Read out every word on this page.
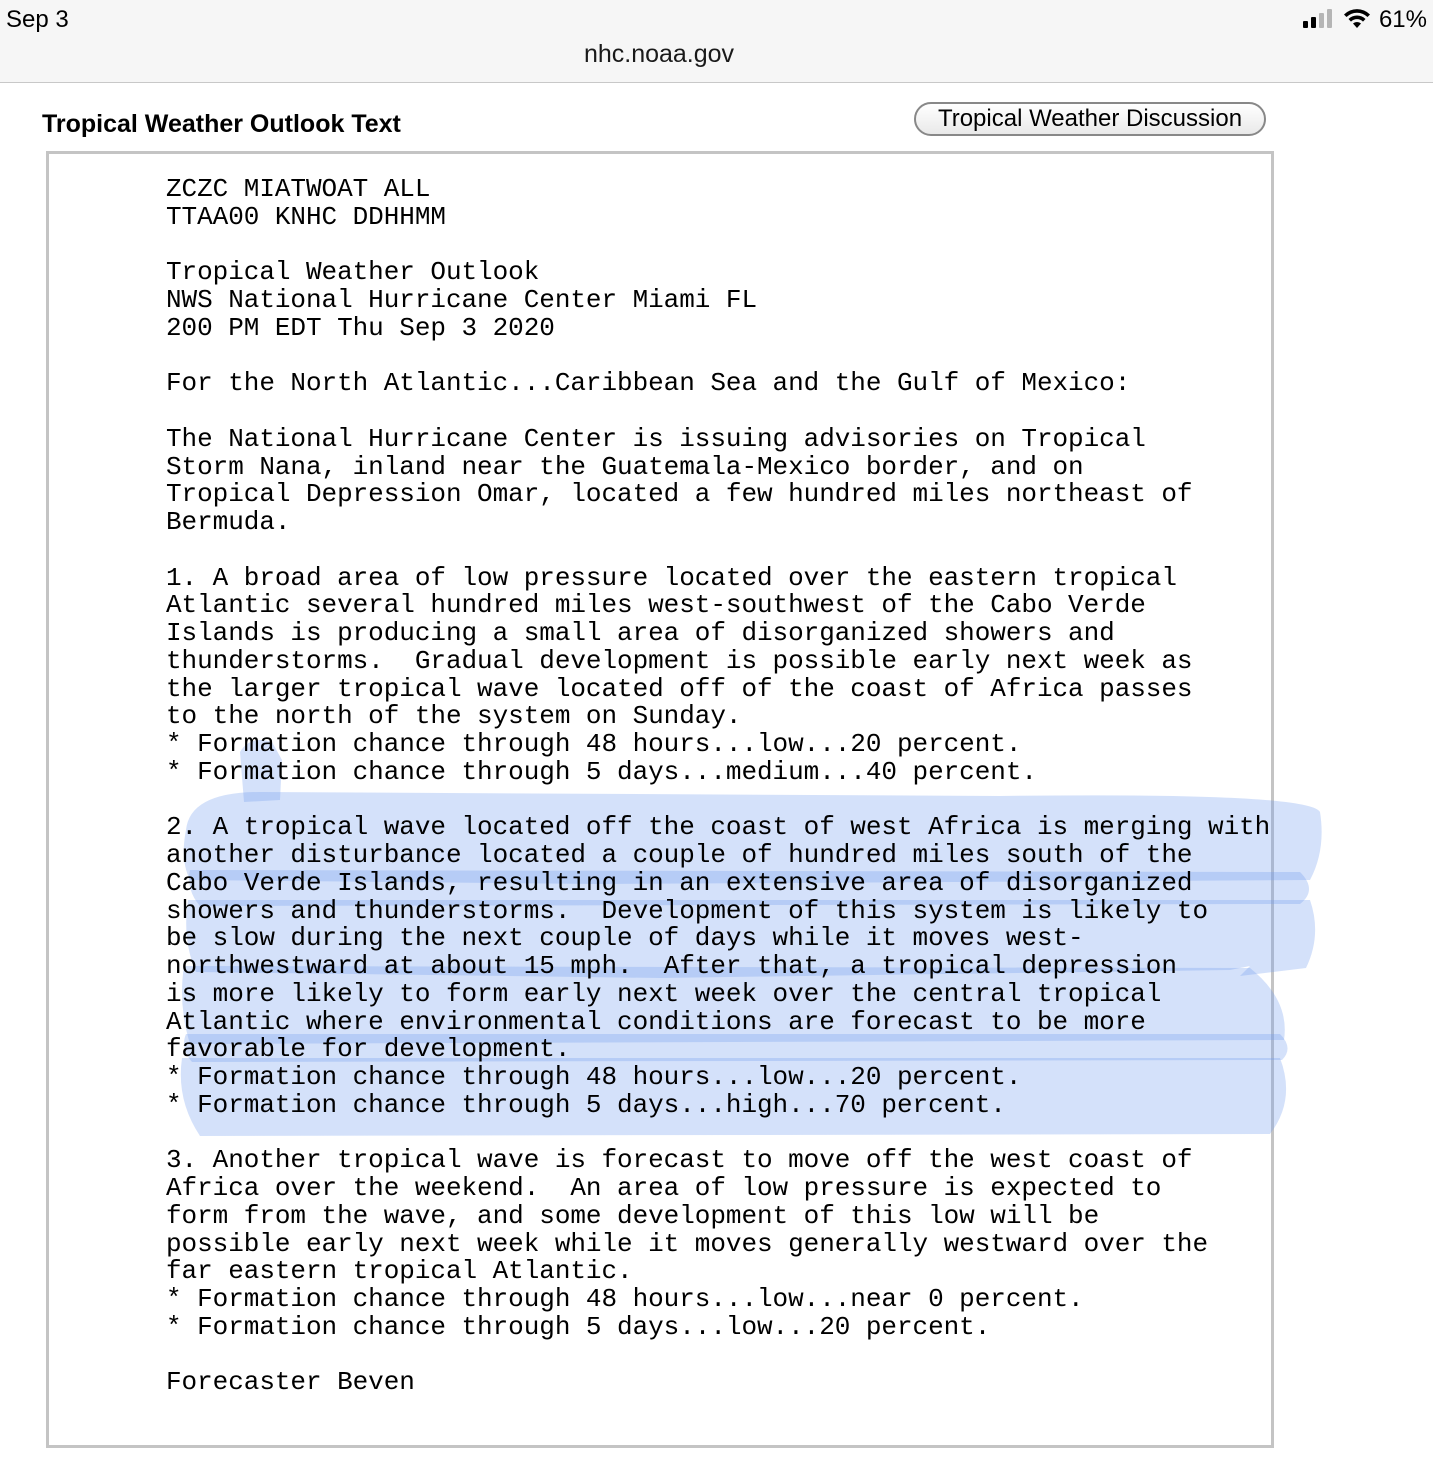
Sep 3	61%
nhc.noaa.gov
Tropical Weather Outlook Text	Tropical Weather Discussion
ZCZC MIATWOAT ALL
TTAA00 KNHC DDHHMM

Tropical Weather Outlook
NWS National Hurricane Center Miami FL
200 PM EDT Thu Sep 3 2020

For the North Atlantic...Caribbean Sea and the Gulf of Mexico:

The National Hurricane Center is issuing advisories on Tropical
Storm Nana, inland near the Guatemala-Mexico border, and on
Tropical Depression Omar, located a few hundred miles northeast of
Bermuda.

1. A broad area of low pressure located over the eastern tropical
Atlantic several hundred miles west-southwest of the Cabo Verde
Islands is producing a small area of disorganized showers and
thunderstorms.  Gradual development is possible early next week as
the larger tropical wave located off of the coast of Africa passes
to the north of the system on Sunday.
* Formation chance through 48 hours...low...20 percent.
* Formation chance through 5 days...medium...40 percent.

2. A tropical wave located off the coast of west Africa is merging with
another disturbance located a couple of hundred miles south of the
Cabo Verde Islands, resulting in an extensive area of disorganized
showers and thunderstorms.  Development of this system is likely to
be slow during the next couple of days while it moves west-
northwestward at about 15 mph.  After that, a tropical depression
is more likely to form early next week over the central tropical
Atlantic where environmental conditions are forecast to be more
favorable for development.
* Formation chance through 48 hours...low...20 percent.
* Formation chance through 5 days...high...70 percent.

3. Another tropical wave is forecast to move off the west coast of
Africa over the weekend.  An area of low pressure is expected to
form from the wave, and some development of this low will be
possible early next week while it moves generally westward over the
far eastern tropical Atlantic.
* Formation chance through 48 hours...low...near 0 percent.
* Formation chance through 5 days...low...20 percent.

Forecaster Beven
